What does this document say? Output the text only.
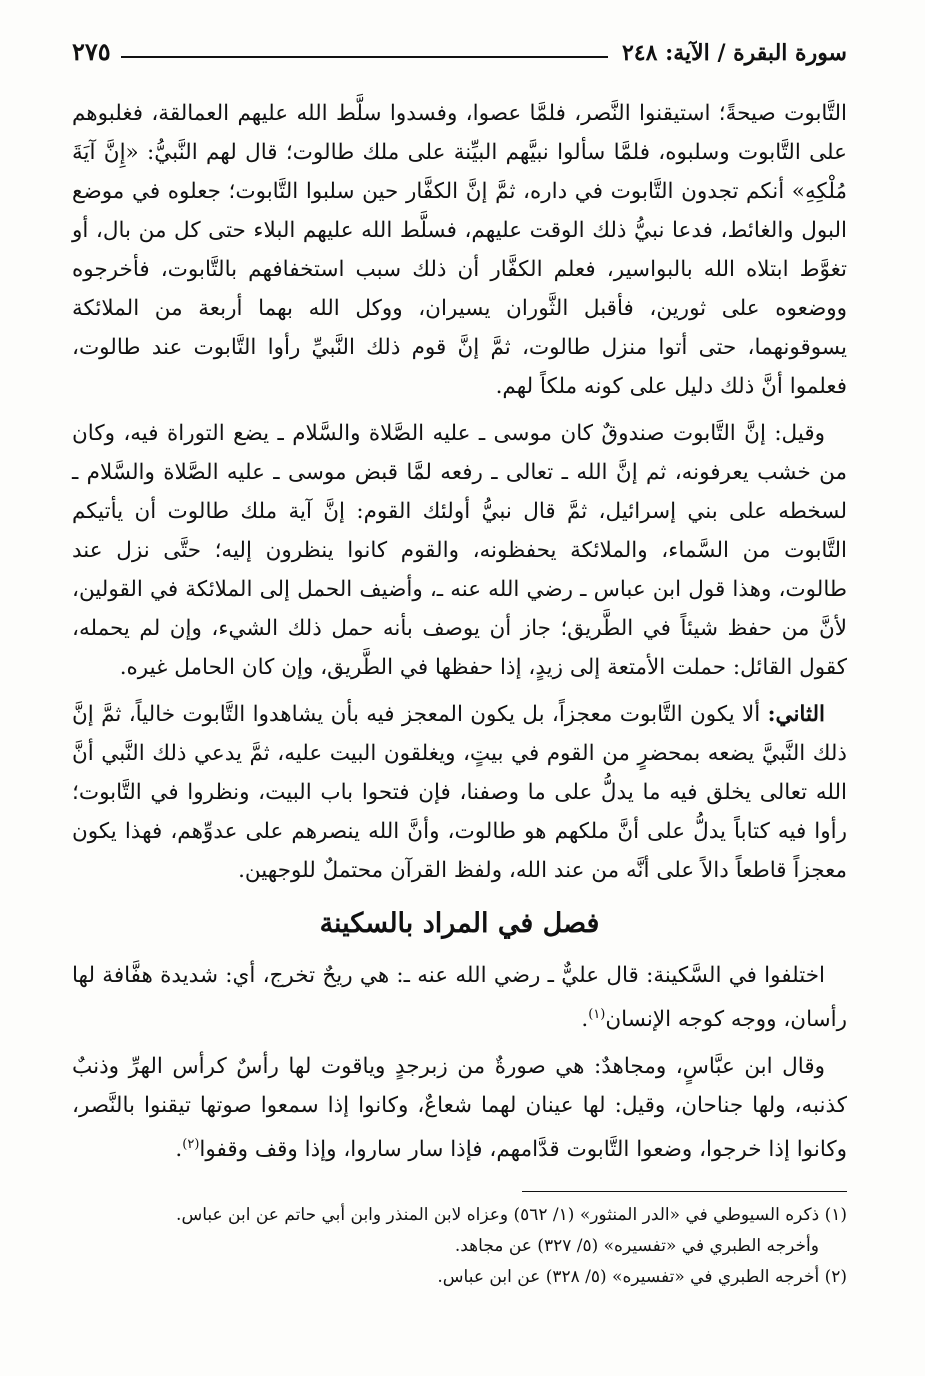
سورة البقرة / الآية: ٢٤٨
٢٧٥

التَّابوت صيحةً؛ استيقنوا النَّصر، فلمَّا عصوا، وفسدوا سلَّط الله عليهم العمالقة، فغلبوهم على التَّابوت وسلبوه، فلمَّا سألوا نبيَّهم البيِّنة على ملك طالوت؛ قال لهم النَّبيُّ: «إِنَّ آيَةَ مُلْكِهِ» أنكم تجدون التَّابوت في داره، ثمَّ إنَّ الكفَّار حين سلبوا التَّابوت؛ جعلوه في موضع البول والغائط، فدعا نبيُّ ذلك الوقت عليهم، فسلَّط الله عليهم البلاء حتى كل من بال، أو تغوَّط ابتلاه الله بالبواسير، فعلم الكفَّار أن ذلك سبب استخفافهم بالتَّابوت، فأخرجوه ووضعوه على ثورين، فأقبل الثَّوران يسيران، ووكل الله بهما أربعة من الملائكة يسوقونهما، حتى أتوا منزل طالوت، ثمَّ إنَّ قوم ذلك النَّبيِّ رأوا التَّابوت عند طالوت، فعلموا أنَّ ذلك دليل على كونه ملكاً لهم.

وقيل: إنَّ التَّابوت صندوقٌ كان موسى ـ عليه الصَّلاة والسَّلام ـ يضع التوراة فيه، وكان من خشب يعرفونه، ثم إنَّ الله ـ تعالى ـ رفعه لمَّا قبض موسى ـ عليه الصَّلاة والسَّلام ـ لسخطه على بني إسرائيل، ثمَّ قال نبيُّ أولئك القوم: إنَّ آية ملك طالوت أن يأتيكم التَّابوت من السَّماء، والملائكة يحفظونه، والقوم كانوا ينظرون إليه؛ حتَّى نزل عند طالوت، وهذا قول ابن عباس ـ رضي الله عنه ـ، وأضيف الحمل إلى الملائكة في القولين، لأنَّ من حفظ شيئاً في الطَّريق؛ جاز أن يوصف بأنه حمل ذلك الشيء، وإن لم يحمله، كقول القائل: حملت الأمتعة إلى زيدٍ، إذا حفظها في الطَّريق، وإن كان الحامل غيره.

الثاني: ألا يكون التَّابوت معجزاً، بل يكون المعجز فيه بأن يشاهدوا التَّابوت خالياً، ثمَّ إنَّ ذلك النَّبيَّ يضعه بمحضرٍ من القوم في بيتٍ، ويغلقون البيت عليه، ثمَّ يدعي ذلك النَّبي أنَّ الله تعالى يخلق فيه ما يدلُّ على ما وصفنا، فإن فتحوا باب البيت، ونظروا في التَّابوت؛ رأوا فيه كتاباً يدلُّ على أنَّ ملكهم هو طالوت، وأنَّ الله ينصرهم على عدوِّهم، فهذا يكون معجزاً قاطعاً دالاً على أنَّه من عند الله، ولفظ القرآن محتملٌ للوجهين.

فصل في المراد بالسكينة

اختلفوا في السَّكينة: قال عليٌّ ـ رضي الله عنه ـ: هي ريحٌ تخرج، أي: شديدة هفَّافة لها رأسان، ووجه كوجه الإنسان$^{(١)}$.

وقال ابن عبَّاسٍ، ومجاهدٌ: هي صورةٌ من زبرجدٍ وياقوت لها رأسٌ كرأس الهرِّ وذنبٌ كذنبه، ولها جناحان، وقيل: لها عينان لهما شعاعٌ، وكانوا إذا سمعوا صوتها تيقنوا بالنَّصر، وكانوا إذا خرجوا، وضعوا التَّابوت قدَّامهم، فإذا سار ساروا، وإذا وقف وقفوا$^{(٢)}$.

(١) ذكره السيوطي في «الدر المنثور» (١/ ٥٦٢) وعزاه لابن المنذر وابن أبي حاتم عن ابن عباس.

وأخرجه الطبري في «تفسيره» (٥/ ٣٢٧) عن مجاهد.

(٢) أخرجه الطبري في «تفسيره» (٥/ ٣٢٨) عن ابن عباس.
